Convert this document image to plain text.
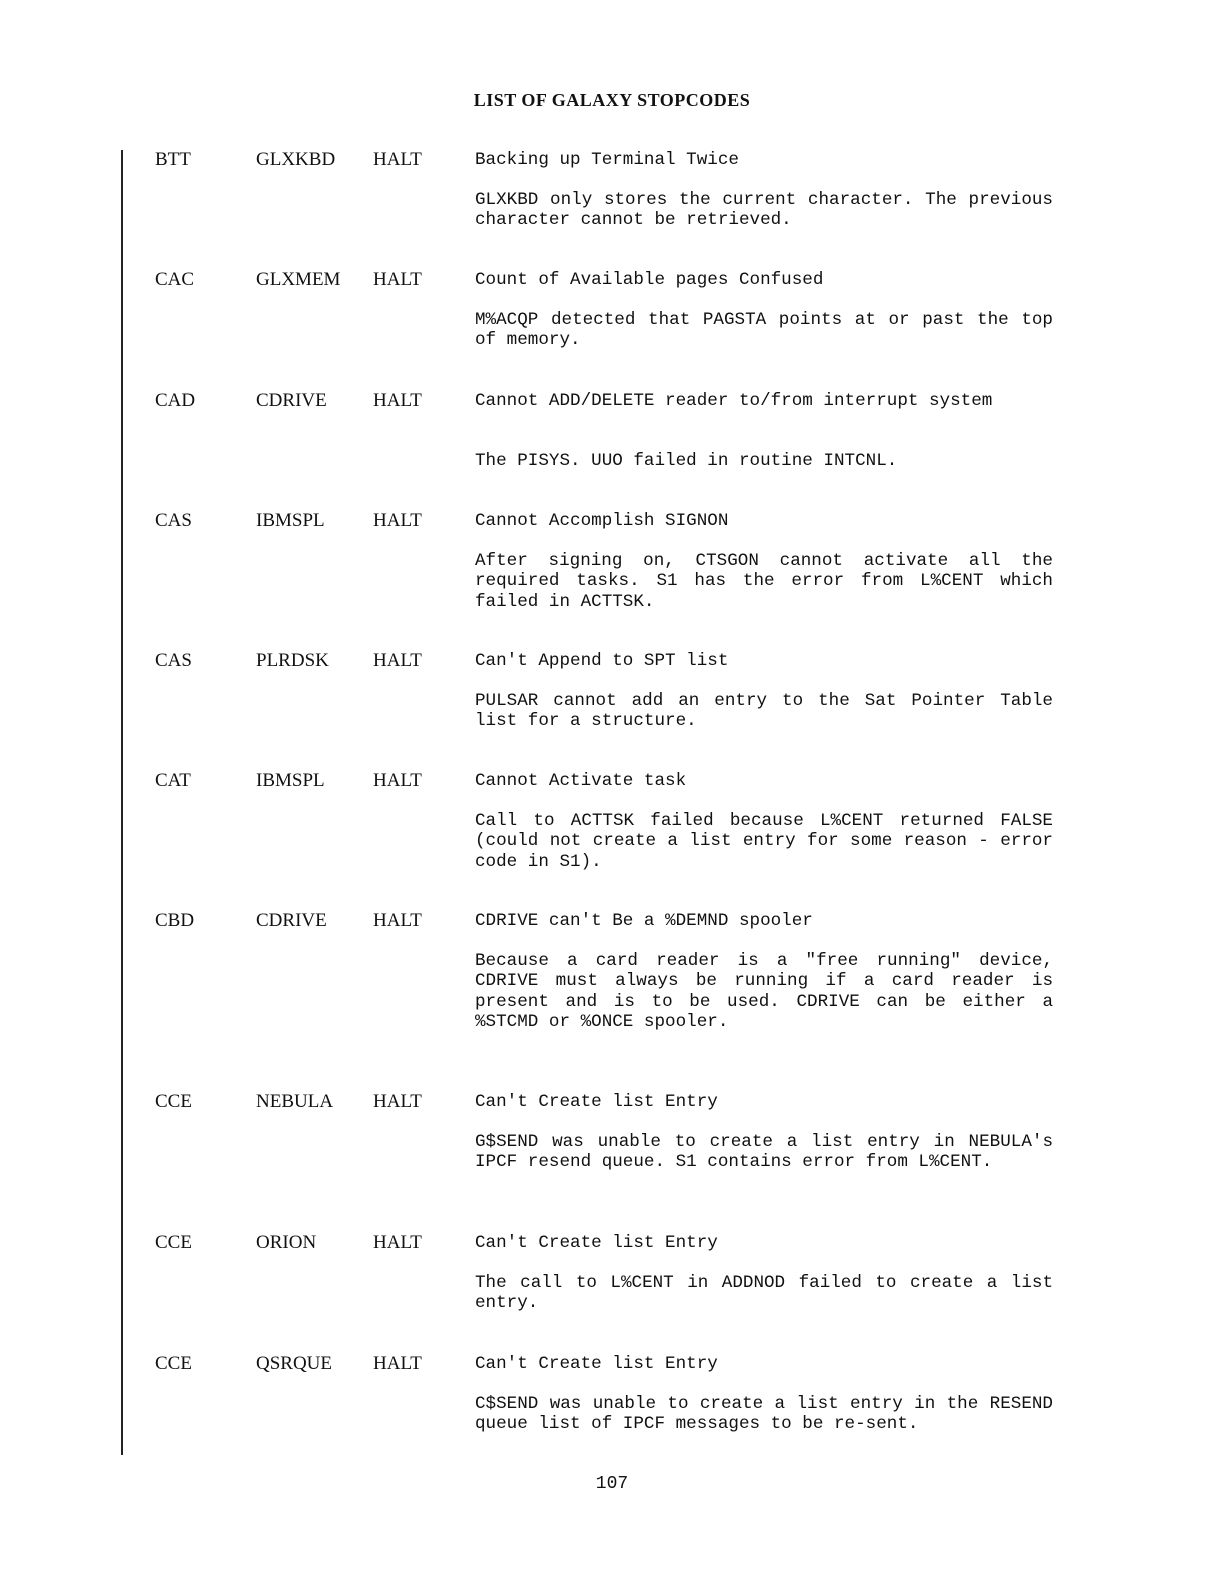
LIST OF GALAXY STOPCODES
BTT	GLXKBD HALT	Backing up Terminal Twice
GLXKBD only stores the current character. The previous character cannot be retrieved.
CAC	GLXMEM HALT	Count of Available pages Confused
M%ACQP detected that PAGSTA points at or past the top of memory.
CAD	CDRIVE HALT	Cannot ADD/DELETE reader to/from interrupt system
The PISYS. UUO failed in routine INTCNL.
CAS	IBMSPL	HALT	Cannot Accomplish SIGNON
After signing on, CTSGON cannot activate all the required tasks. S1 has the error from L%CENT which failed in ACTTSK.
CAS	PLRDSK HALT	Can't Append to SPT list
PULSAR cannot add an entry to the Sat Pointer Table list for a structure.
CAT	IBMSPL	HALT	Cannot Activate task
Call to ACTTSK failed because L%CENT returned FALSE (could not create a list entry for some reason - error code in S1).
CBD	CDRIVE HALT	CDRIVE can't Be a %DEMND spooler
Because a card reader is a "free running" device, CDRIVE must always be running if a card reader is present and is to be used. CDRIVE can be either a %STCMD or %ONCE spooler.
CCE	NEBULA HALT	Can't Create list Entry
G$SEND was unable to create a list entry in NEBULA's IPCF resend queue. S1 contains error from L%CENT.
CCE	ORION	HALT	Can't Create list Entry
The call to L%CENT in ADDNOD failed to create a list entry.
CCE	QSRQUE HALT	Can't Create list Entry
C$SEND was unable to create a list entry in the RESEND queue list of IPCF messages to be re-sent.
107
